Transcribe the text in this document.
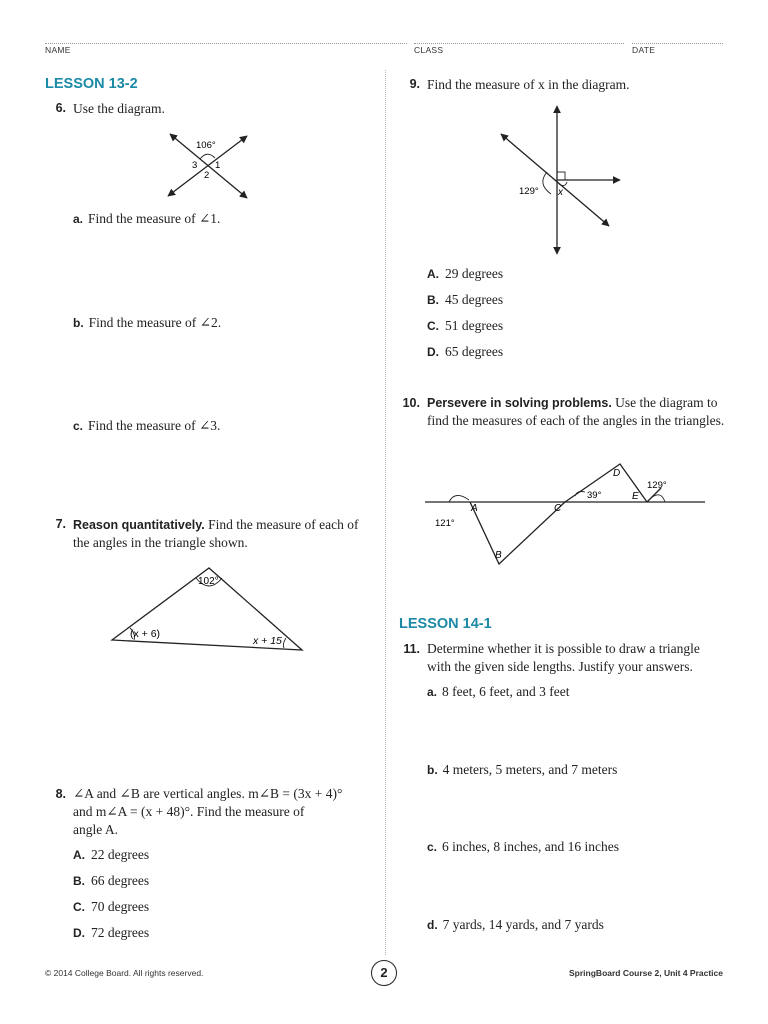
NAME	CLASS	DATE
LESSON 13-2
6. Use the diagram.
106°
1
2
3
a. Find the measure of ∠1.
b. Find the measure of ∠2.
c. Find the measure of ∠3.
7. Reason quantitatively. Find the measure of each of the angles in the triangle shown.
102°
(x + 6)
x + 15
8. ∠A and ∠B are vertical angles. m∠B = (3x + 4)°
and m∠A = (x + 48)°. Find the measure of
angle A.
A. 22 degrees
B. 66 degrees
C. 70 degrees
D. 72 degrees
9. Find the measure of x in the diagram.
129° x
A. 29 degrees
B. 45 degrees
C. 51 degrees
D. 65 degrees
10. Persevere in solving problems. Use the diagram to find the measures of each of the angles in the triangles.
A
B
C
D
E
121°
39°
129°
LESSON 14-1
11. Determine whether it is possible to draw a triangle with the given side lengths. Justify your answers.
a. 8 feet, 6 feet, and 3 feet
b. 4 meters, 5 meters, and 7 meters
c. 6 inches, 8 inches, and 16 inches
d. 7 yards, 14 yards, and 7 yards
© 2014 College Board. All rights reserved.	2	SpringBoard Course 2, Unit 4 Practice
